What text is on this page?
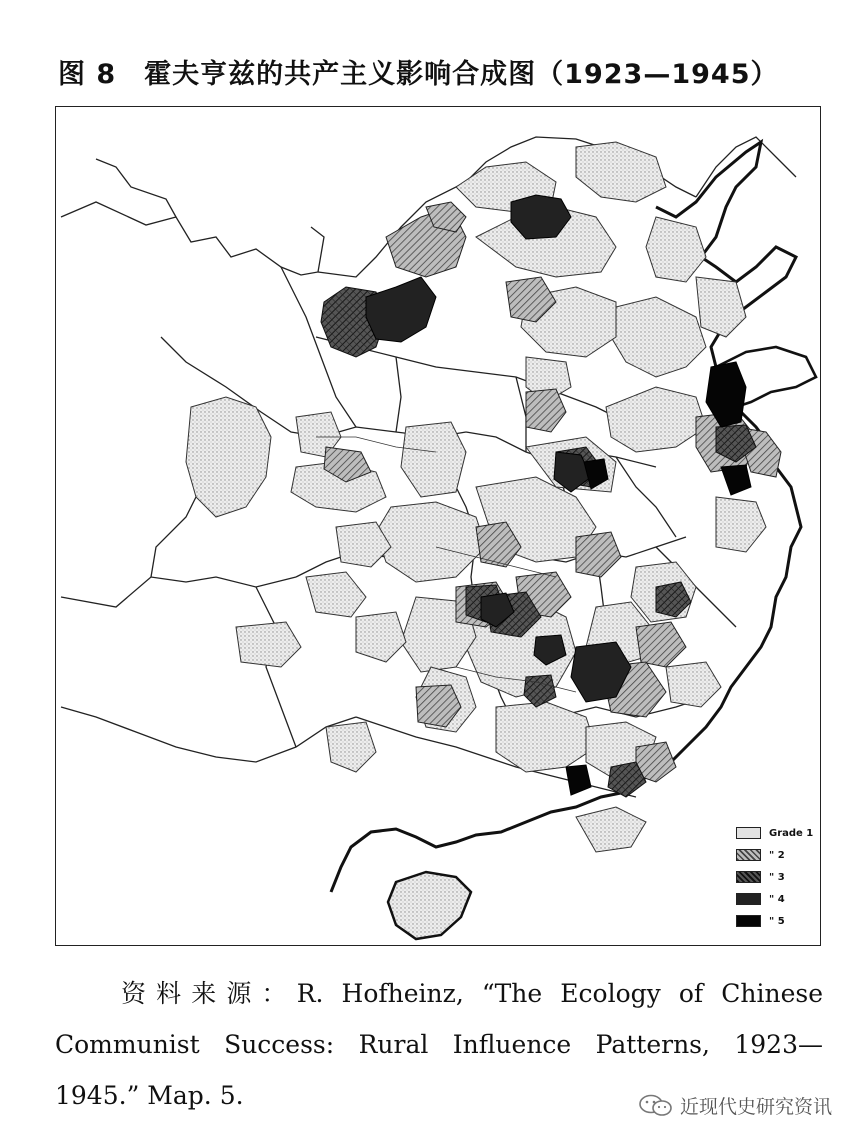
图 8　霍夫亨兹的共产主义影响合成图（1923—1945）
Grade 1
" 2
" 3
" 4
" 5
资料来源：R. Hofheinz, “The Ecology of Chinese
Communist Success: Rural Influence Patterns, 1923—
1945.” Map. 5.	近现代史研究资讯
